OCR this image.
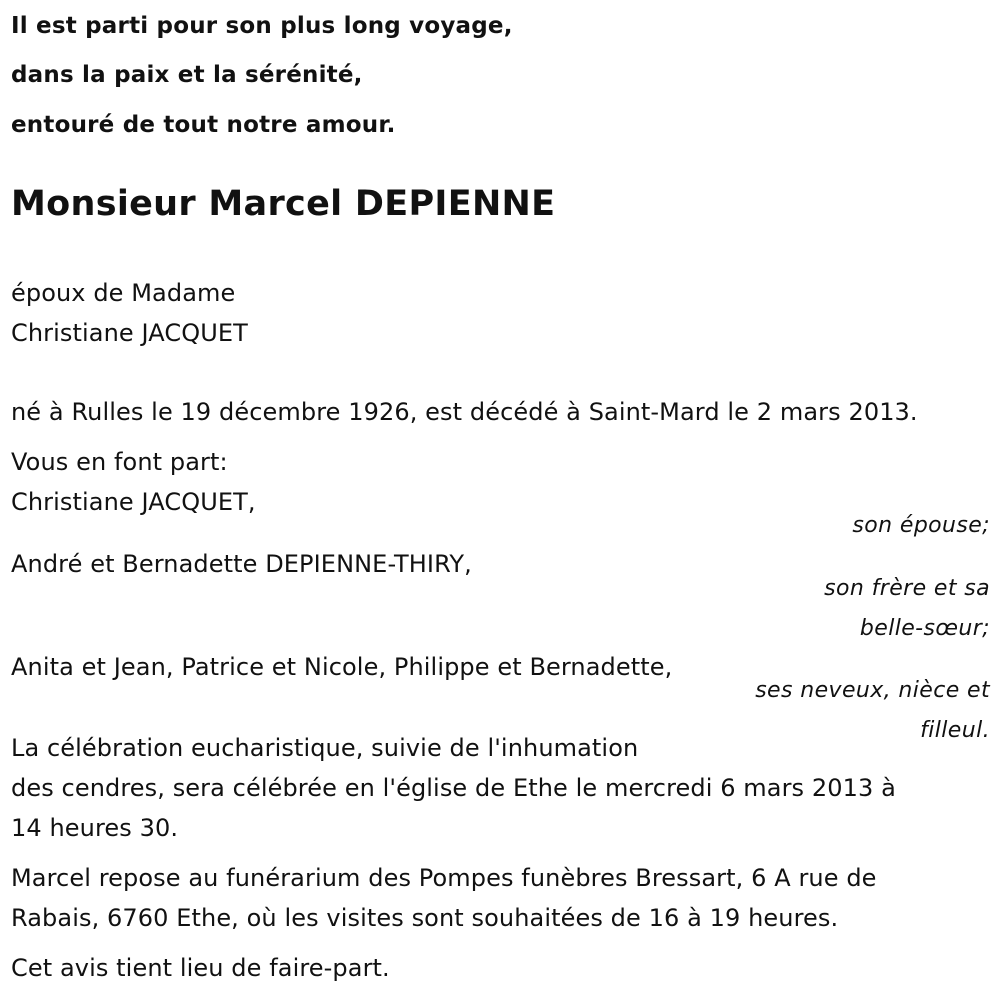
Il est parti pour son plus long voyage,
dans la paix et la sérénité,
entouré de tout notre amour.
Monsieur Marcel DEPIENNE
époux de Madame
Christiane JACQUET
né à Rulles le 19 décembre 1926, est décédé à Saint-Mard le 2 mars 2013.
Vous en font part:
Christiane JACQUET,
son épouse;
André et Bernadette DEPIENNE-THIRY,
son frère et sa
belle-sœur;
Anita et Jean, Patrice et Nicole, Philippe et Bernadette,
ses neveux, nièce et
filleul.
La célébration eucharistique, suivie de l'inhumation
des cendres, sera célébrée en l'église de Ethe le mercredi 6 mars 2013 à
14 heures 30.
Marcel repose au funérarium des Pompes funèbres Bressart, 6 A rue de
Rabais, 6760 Ethe, où les visites sont souhaitées de 16 à 19 heures.
Cet avis tient lieu de faire-part.
